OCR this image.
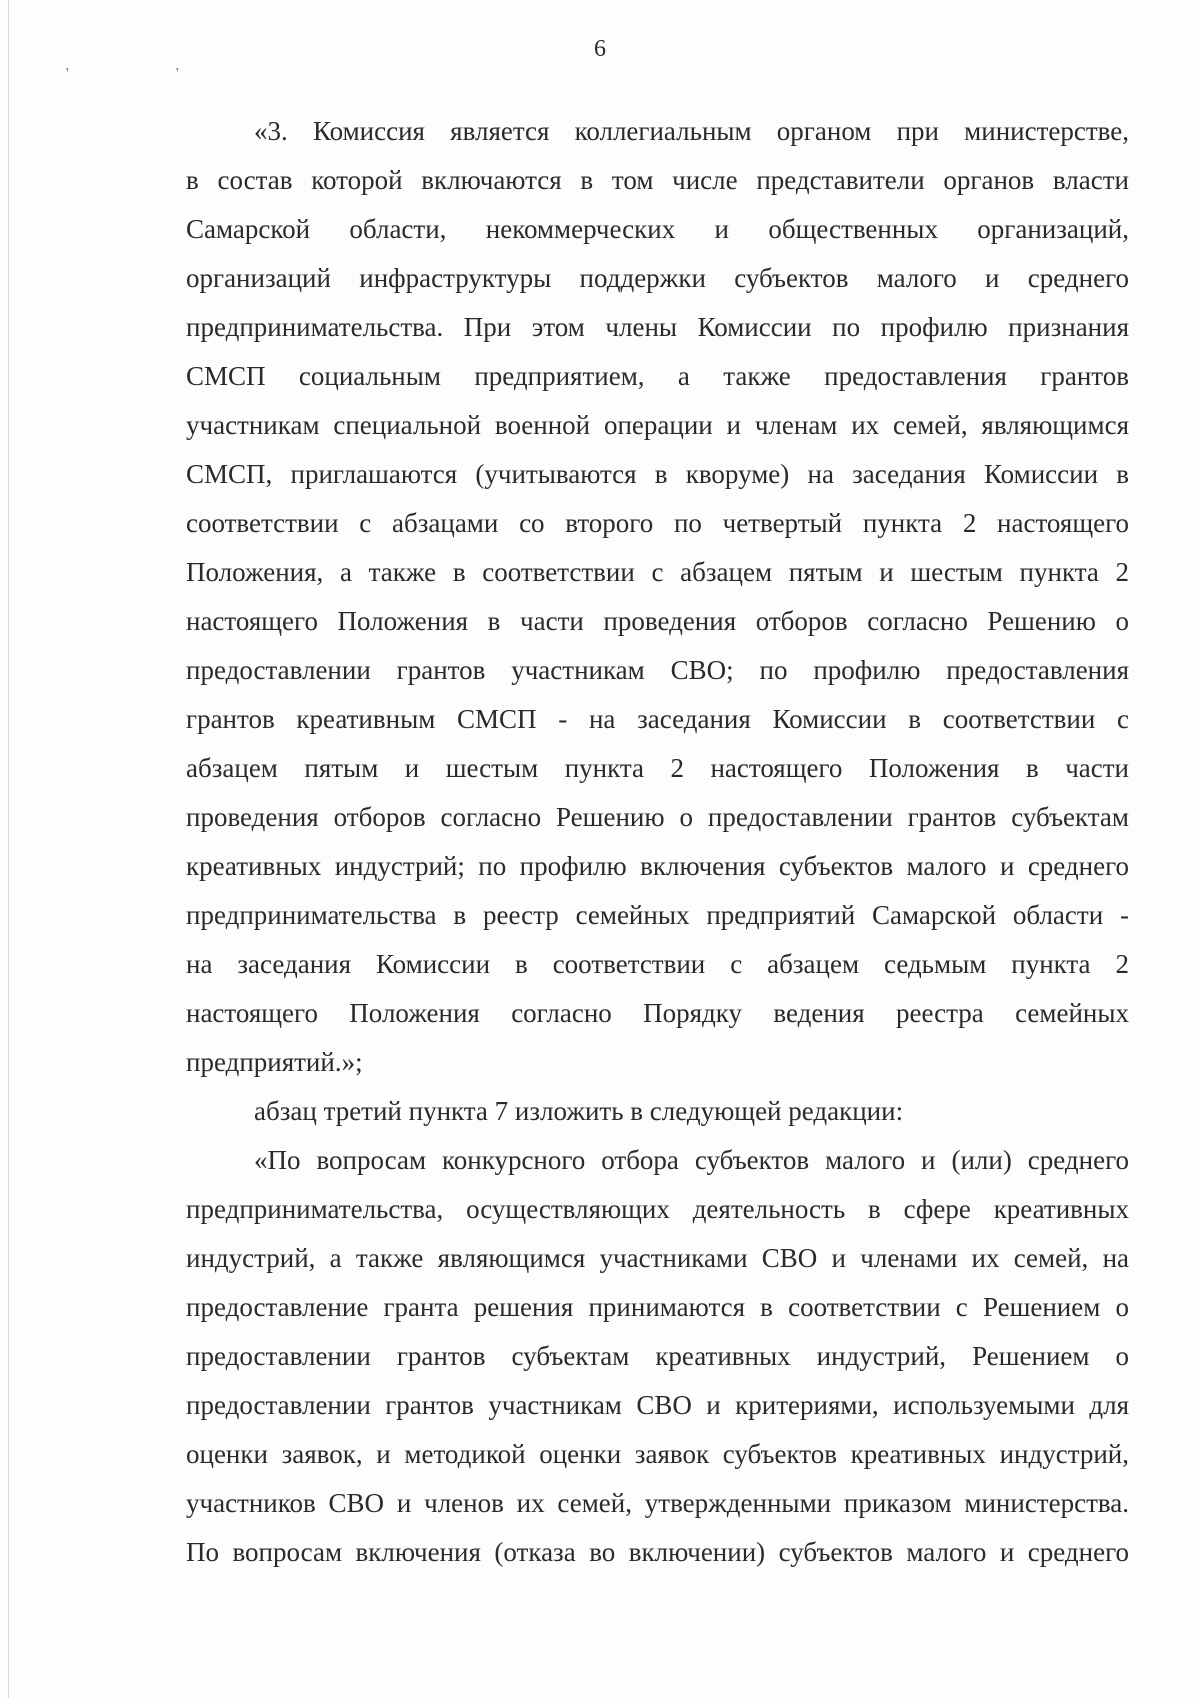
' '
6
«3. Комиссия является коллегиальным органом при министерстве,
в состав которой включаются в том числе представители органов власти
Самарской области, некоммерческих и общественных организаций,
организаций инфраструктуры поддержки субъектов малого и среднего
предпринимательства. При этом члены Комиссии по профилю признания
СМСП социальным предприятием, а также предоставления грантов
участникам специальной военной операции и членам их семей, являющимся
СМСП, приглашаются (учитываются в кворуме) на заседания Комиссии в
соответствии с абзацами со второго по четвертый пункта 2 настоящего
Положения, а также в соответствии с абзацем пятым и шестым пункта 2
настоящего Положения в части проведения отборов согласно Решению о
предоставлении грантов участникам СВО; по профилю предоставления
грантов креативным СМСП - на заседания Комиссии в соответствии с
абзацем пятым и шестым пункта 2 настоящего Положения в части
проведения отборов согласно Решению о предоставлении грантов субъектам
креативных индустрий; по профилю включения субъектов малого и среднего
предпринимательства в реестр семейных предприятий Самарской области -
на заседания Комиссии в соответствии с абзацем седьмым пункта 2
настоящего Положения согласно Порядку ведения реестра семейных
предприятий.»;
абзац третий пункта 7 изложить в следующей редакции:
«По вопросам конкурсного отбора субъектов малого и (или) среднего
предпринимательства, осуществляющих деятельность в сфере креативных
индустрий, а также являющимся участниками СВО и членами их семей, на
предоставление гранта решения принимаются в соответствии с Решением о
предоставлении грантов субъектам креативных индустрий, Решением о
предоставлении грантов участникам СВО и критериями, используемыми для
оценки заявок, и методикой оценки заявок субъектов креативных индустрий,
участников СВО и членов их семей, утвержденными приказом министерства.
По вопросам включения (отказа во включении) субъектов малого и среднего
